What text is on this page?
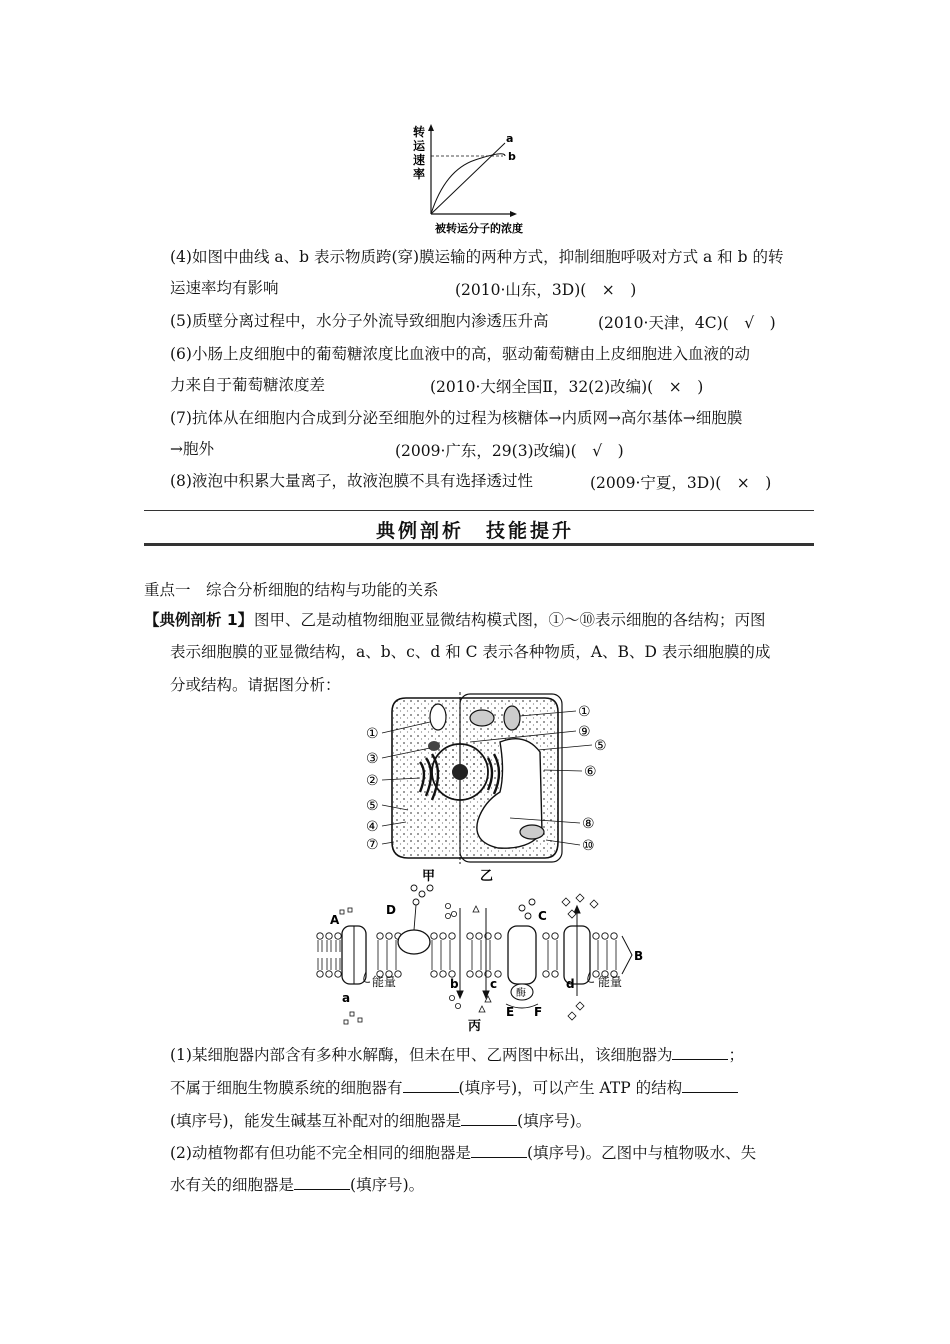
转
运
速
率
a
b
被转运分子的浓度
(4)如图中曲线 a、b 表示物质跨(穿)膜运输的两种方式，抑制细胞呼吸对方式 a 和 b 的转
运速率均有影响	(2010·山东，3D)(　×　)
(5)质壁分离过程中，水分子外流导致细胞内渗透压升高	(2010·天津，4C)(　√　)
(6)小肠上皮细胞中的葡萄糖浓度比血液中的高，驱动葡萄糖由上皮细胞进入血液的动
力来自于葡萄糖浓度差	(2010·大纲全国Ⅱ，32(2)改编)(　×　)
(7)抗体从在细胞内合成到分泌至细胞外的过程为核糖体→内质网→高尔基体→细胞膜
→胞外	(2009·广东，29(3)改编)(　√　)
(8)液泡中积累大量离子，故液泡膜不具有选择透过性	(2009·宁夏，3D)(　×　)
典例剖析　技能提升
重点一　综合分析细胞的结构与功能的关系
【典例剖析 1】 图甲、乙是动植物细胞亚显微结构模式图，①～⑩表示细胞的各结构；丙图
表示细胞膜的亚显微结构，a、b、c、d 和 C 表示各种物质，A、B、D 表示细胞膜的成
分或结构。请据图分析：
①
③
②
⑤
④
⑦
①
⑨
⑤
⑥
⑧
⑩
甲	乙
A
D	C
B
a
b	c	d
E F
能量	能量
酶
丙
(1)某细胞器内部含有多种水解酶，但未在甲、乙两图中标出，该细胞器为	；
不属于细胞生物膜系统的细胞器有	(填序号)，可以产生 ATP 的结构
(填序号)，能发生碱基互补配对的细胞器是	(填序号)。
(2)动植物都有但功能不完全相同的细胞器是	(填序号)。乙图中与植物吸水、失
水有关的细胞器是	(填序号)。
